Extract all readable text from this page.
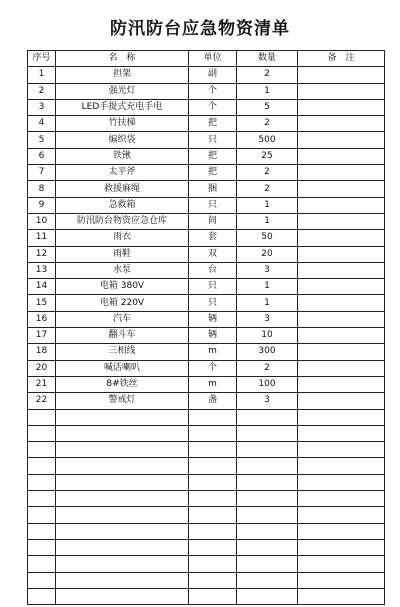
防汛防台应急物资清单
序号	名　称	单位	数量	备　注
1	担架	副	2	
2	强光灯	个	1	
3	LED手提式充电手电	个	5	
4	竹扶梯	把	2	
5	编织袋	只	500	
6	铁锹	把	25	
7	太平斧	把	2	
8	救援麻绳	捆	2	
9	急救箱	只	1	
10	防汛防台物资应急仓库	间	1	
11	雨衣	套	50	
12	雨鞋	双	20	
13	水泵	台	3	
14	电箱 380V	只	1	
15	电箱 220V	只	1	
16	汽车	辆	3	
17	翻斗车	辆	10	
18	三相线	m	300	
20	喊话喇叭	个	2	
21	8#铁丝	m	100	
22	警戒灯	盏	3	
